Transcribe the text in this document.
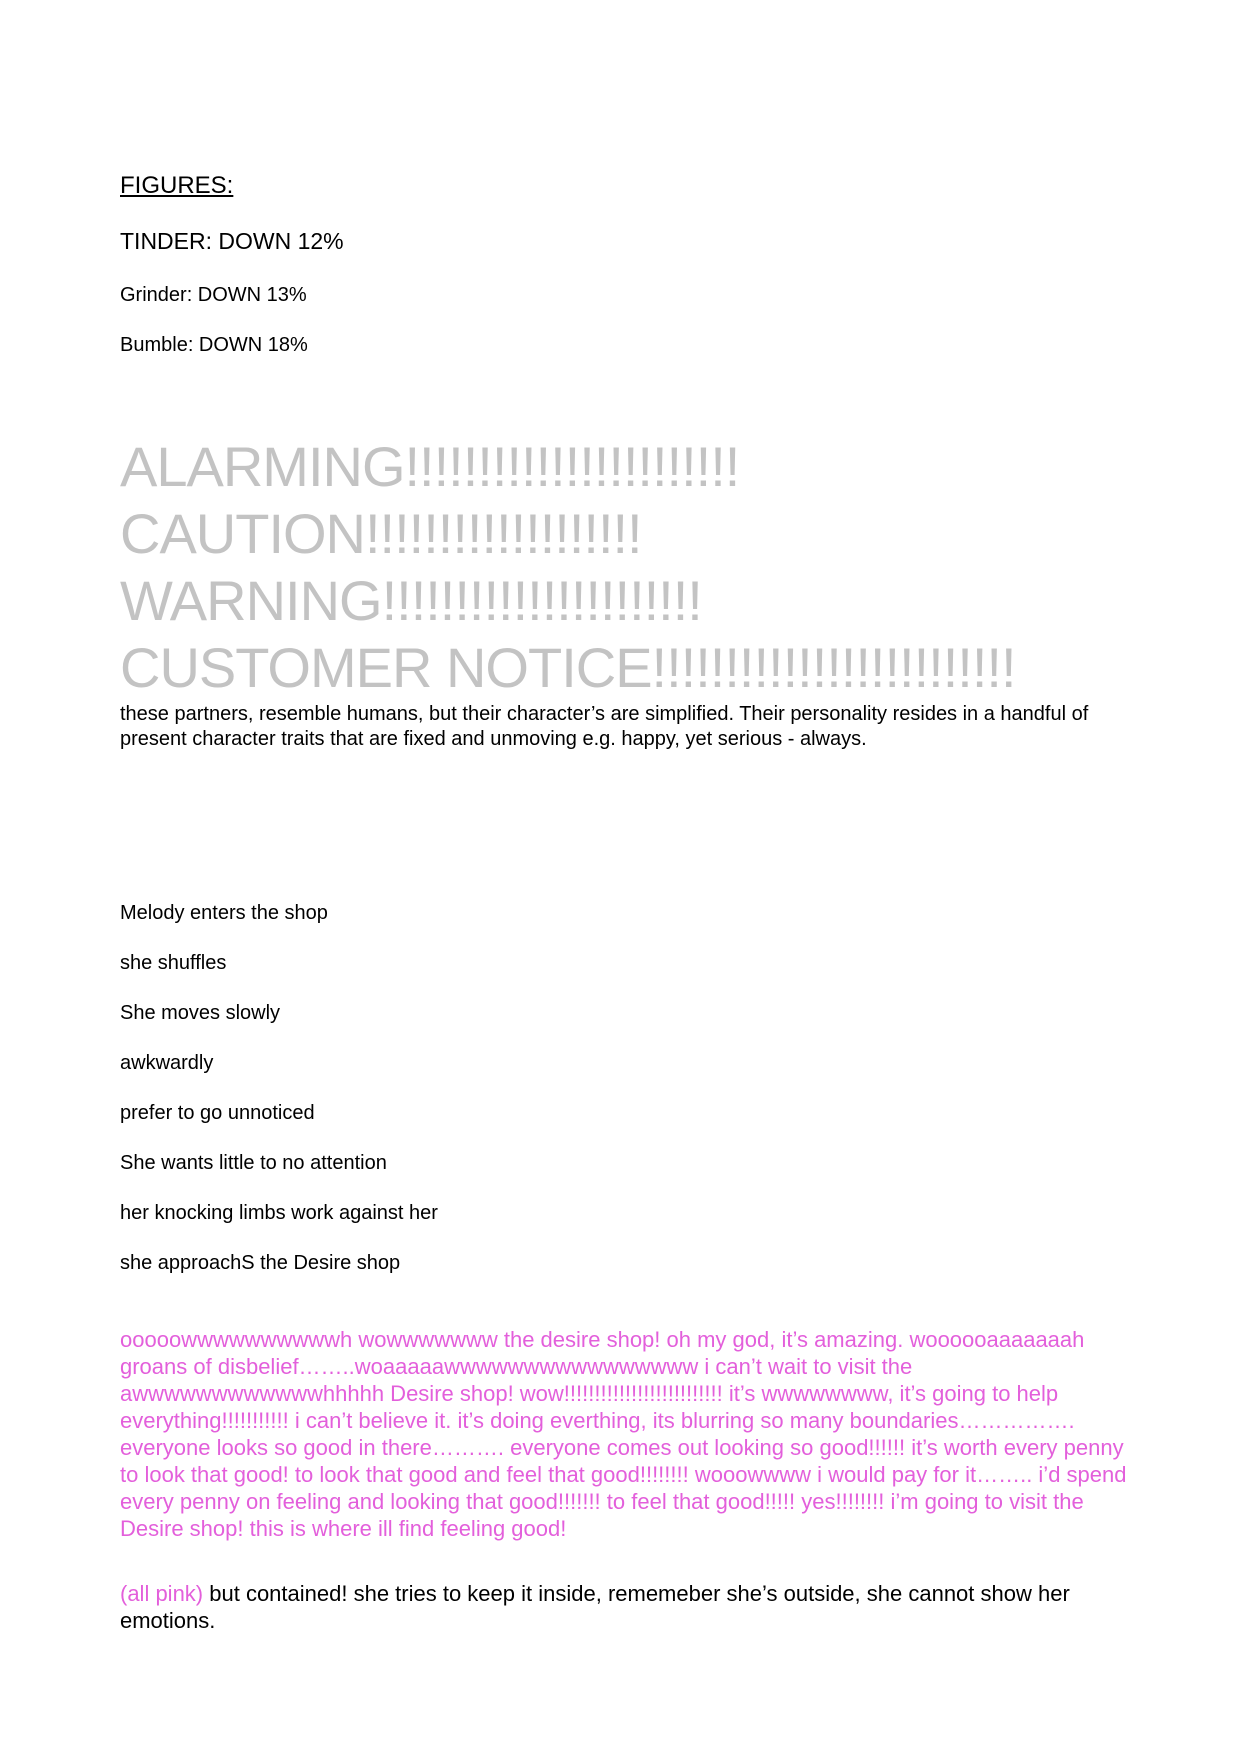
FIGURES:

TINDER: DOWN 12%

Grinder: DOWN 13%

Bumble: DOWN 18%

ALARMING!!!!!!!!!!!!!!!!!!!!!!!

CAUTION!!!!!!!!!!!!!!!!!!!

WARNING!!!!!!!!!!!!!!!!!!!!!!

CUSTOMER NOTICE!!!!!!!!!!!!!!!!!!!!!!!!!

these partners, resemble humans, but their character’s are simplified. Their personality resides in a handful of present character traits that are fixed and unmoving e.g. happy, yet serious - always.

Melody enters the shop

she shuffles

She moves slowly

awkwardly

prefer to go unnoticed

She wants little to no attention

her knocking limbs work against her

she approachS the Desire shop

ooooowwwwwwwwwwh wowwwwwww the desire shop! oh my god, it’s amazing. woooooaaaaaaah groans of disbelief……..woaaaaawwwwwwwwwwwwwwww i can’t wait to visit the awwwwwwwwwwwwhhhhh Desire shop! wow!!!!!!!!!!!!!!!!!!!!!!!!!! it’s wwwwwwww, it’s going to help everything!!!!!!!!!!! i can’t believe it. it’s doing everthing, its blurring so many boundaries……………. everyone looks so good in there………. everyone comes out looking so good!!!!!! it’s worth every penny to look that good! to look that good and feel that good!!!!!!!! wooowwww i would pay for it…….. i’d spend every penny on feeling and looking that good!!!!!!! to feel that good!!!!! yes!!!!!!!! i’m going to visit the Desire shop! this is where ill find feeling good!

(all pink) but contained! she tries to keep it inside, rememeber she’s outside, she cannot show her emotions.
